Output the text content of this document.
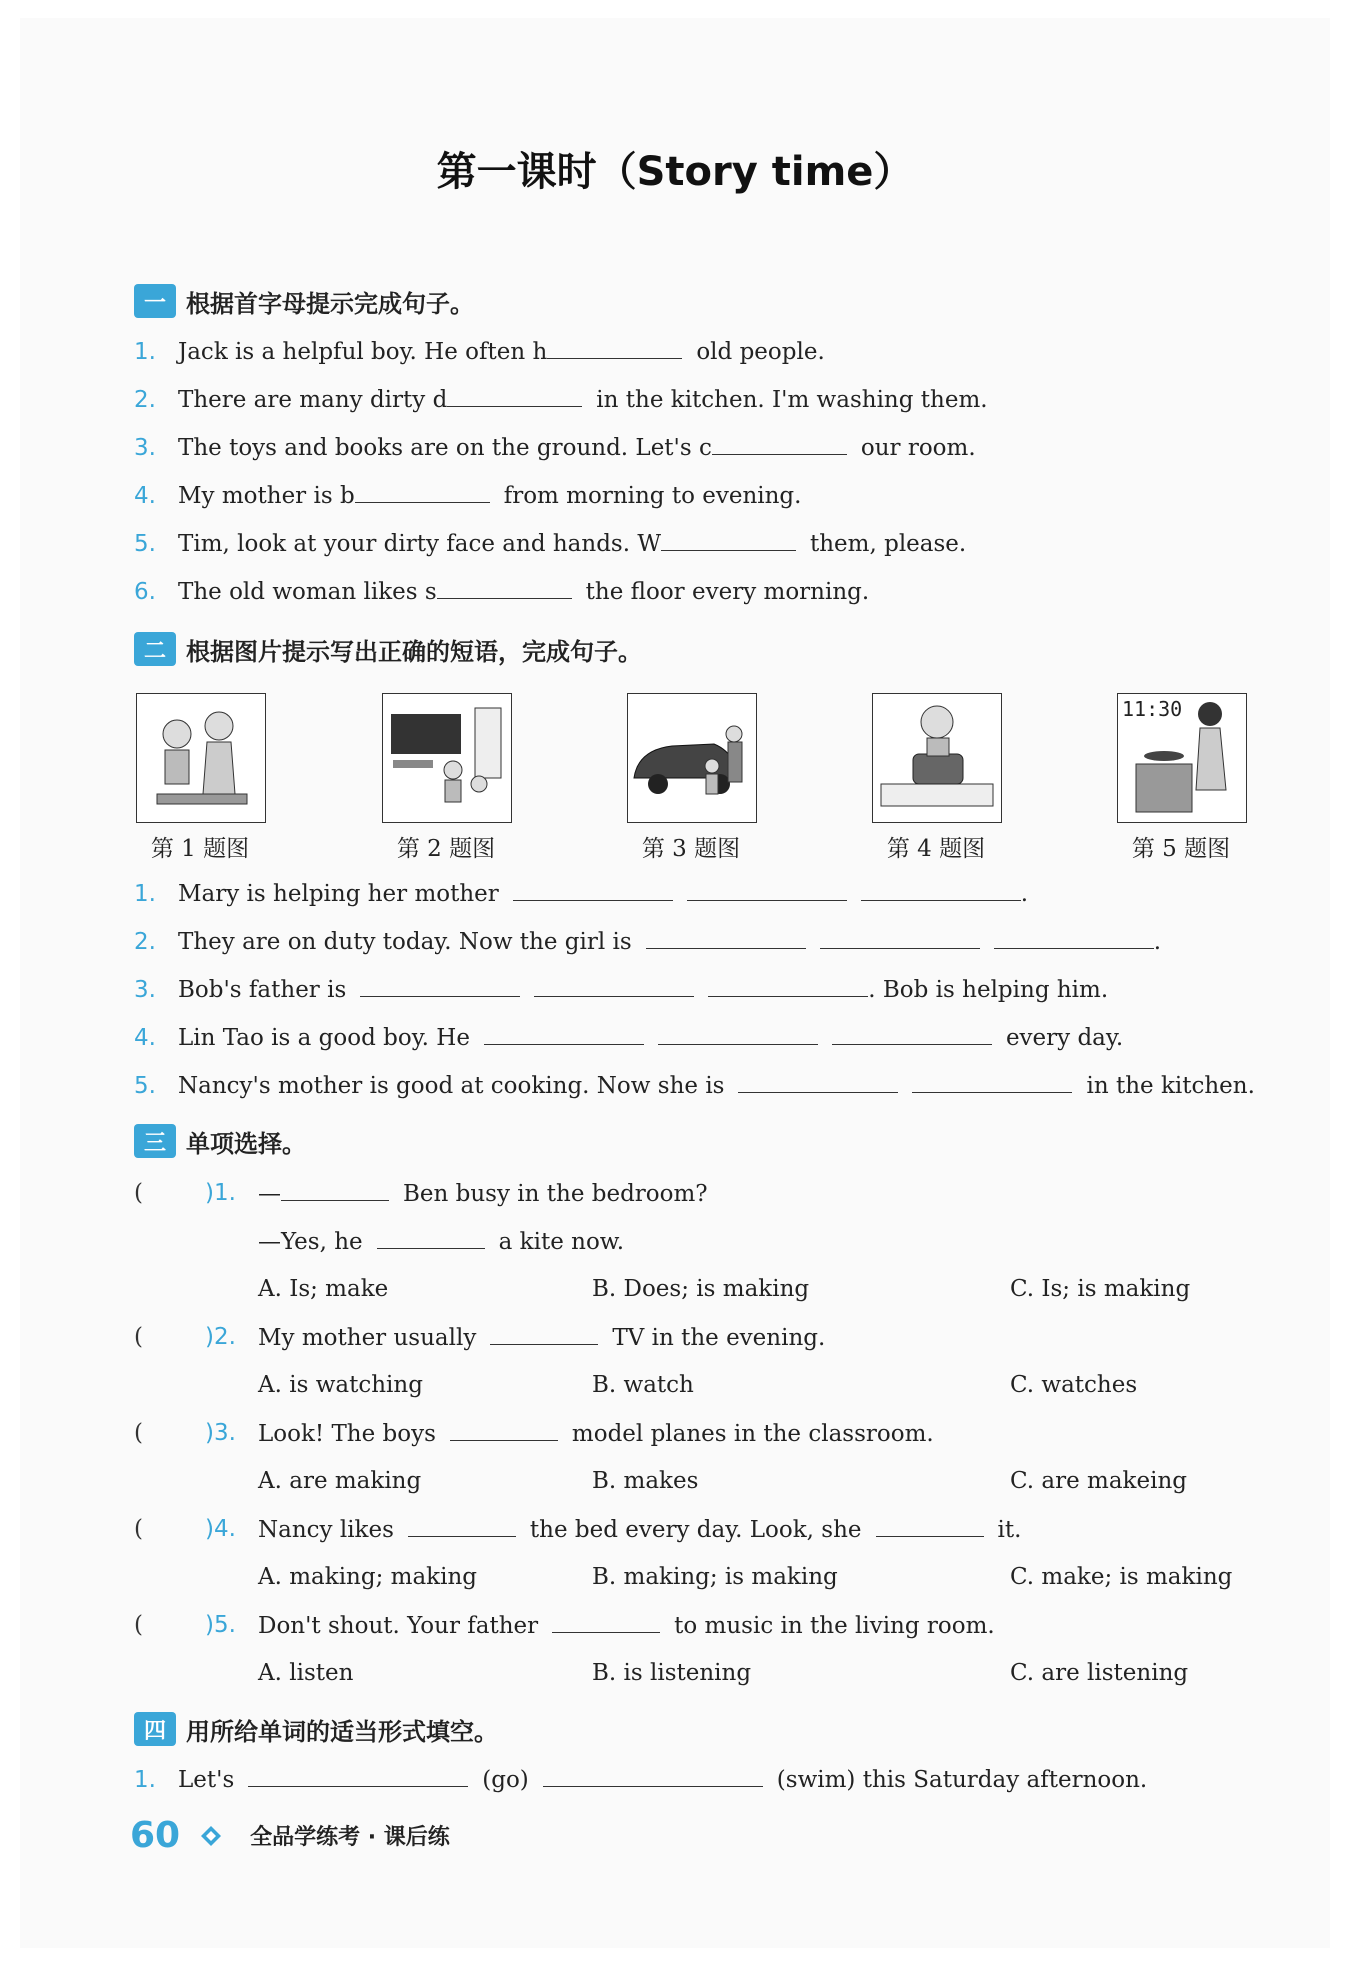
第一课时（Story time）
一 根据首字母提示完成句子。
1. Jack is a helpful boy. He often h	old people.
2. There are many dirty d	in the kitchen. I'm washing them.
3. The toys and books are on the ground. Let's c	our room.
4. My mother is b	from morning to evening.
5. Tim, look at your dirty face and hands. W	them, please.
6. The old woman likes s	the floor every morning.
二 根据图片提示写出正确的短语，完成句子。
11:30
第 1 题图	第 2 题图	第 3 题图	第 4 题图	第 5 题图
1. Mary is helping her mother	.
2. They are on duty today. Now the girl is	.
3. Bob's father is	. Bob is helping him.
4. Lin Tao is a good boy. He	every day.
5. Nancy's mother is good at cooking. Now she is	in the kitchen.
三 单项选择。
(	)1. —	Ben busy in the bedroom?
—Yes, he	a kite now.
A. Is; make	B. Does; is making	C. Is; is making
(	)2. My mother usually	TV in the evening.
A. is watching	B. watch	C. watches
(	)3. Look! The boys	model planes in the classroom.
A. are making	B. makes	C. are makeing
(	)4. Nancy likes	the bed every day. Look, she	it.
A. making; making	B. making; is making	C. make; is making
(	)5. Don't shout. Your father	to music in the living room.
A. listen	B. is listening	C. are listening
四 用所给单词的适当形式填空。
1. Let's	(go)	(swim) this Saturday afternoon.
60	全品学练考 · 课后练
